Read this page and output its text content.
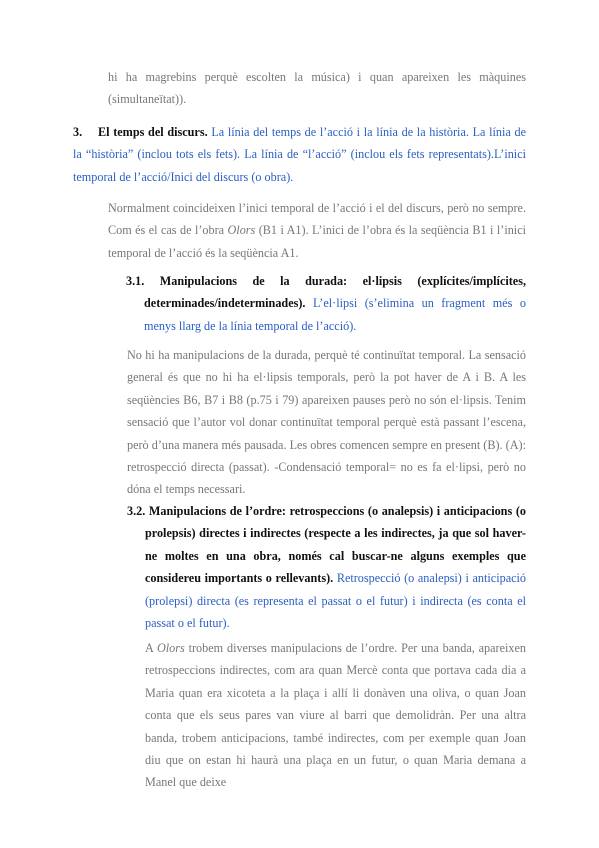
hi ha magrebins perquè escolten la música) i quan apareixen les màquines (simultaneïtat)).

3.	El temps del discurs. La línia del temps de l’acció i la línia de la història. La línia de la “història” (inclou tots els fets). La línia de “l’acció” (inclou els fets representats).L’inici temporal de l’acció/Inici del discurs (o obra).

Normalment coincideixen l’inici temporal de l’acció i el del discurs, però no sempre. Com és el cas de l’obra Olors (B1 i A1). L’inici de l’obra és la seqüència B1 i l’inici temporal de l’acció és la seqüència A1.

3.1. Manipulacions de la durada: el·lipsis (explícites/implícites, determinades/indeterminades). L’el·lipsi (s’elimina un fragment més o menys llarg de la línia temporal de l’acció).

No hi ha manipulacions de la durada, perquè té continuïtat temporal. La sensació general és que no hi ha el·lipsis temporals, però la pot haver de A i B. A les seqüències B6, B7 i B8 (p.75 i 79) apareixen pauses però no són el·lipsis. Tenim sensació que l’autor vol donar continuïtat temporal perquè està passant l’escena, però d’una manera més pausada. Les obres comencen sempre en present (B). (A): retrospecció directa (passat). -Condensació temporal= no es fa el·lipsi, però no dóna el temps necessari.

3.2. Manipulacions de l’ordre: retrospeccions (o analepsis) i anticipacions (o prolepsis) directes i indirectes (respecte a les indirectes, ja que sol haver-ne moltes en una obra, només cal buscar-ne alguns exemples que considereu importants o rellevants). Retrospecció (o analepsi) i anticipació (prolepsi) directa (es representa el passat o el futur) i indirecta (es conta el passat o el futur).

A Olors trobem diverses manipulacions de l’ordre. Per una banda, apareixen retrospeccions indirectes, com ara quan Mercè conta que portava cada dia a Maria quan era xicoteta a la plaça i allí li donàven una oliva, o quan Joan conta que els seus pares van viure al barri que demolidràn. Per una altra banda, trobem anticipacions, també indirectes, com per exemple quan Joan diu que on estan hi haurà una plaça en un futur, o quan Maria demana a Manel que deixe
